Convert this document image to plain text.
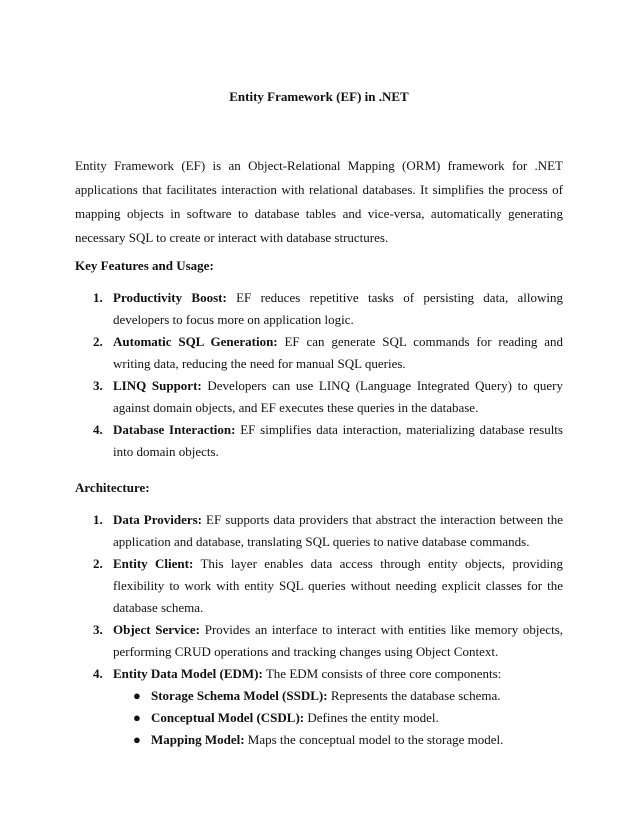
Entity Framework (EF) in .NET

Entity Framework (EF) is an Object-Relational Mapping (ORM) framework for .NET applications that facilitates interaction with relational databases. It simplifies the process of mapping objects in software to database tables and vice-versa, automatically generating necessary SQL to create or interact with database structures.

Key Features and Usage:

1. Productivity Boost: EF reduces repetitive tasks of persisting data, allowing developers to focus more on application logic.
2. Automatic SQL Generation: EF can generate SQL commands for reading and writing data, reducing the need for manual SQL queries.
3. LINQ Support: Developers can use LINQ (Language Integrated Query) to query against domain objects, and EF executes these queries in the database.
4. Database Interaction: EF simplifies data interaction, materializing database results into domain objects.

Architecture:

1. Data Providers: EF supports data providers that abstract the interaction between the application and database, translating SQL queries to native database commands.
2. Entity Client: This layer enables data access through entity objects, providing flexibility to work with entity SQL queries without needing explicit classes for the database schema.
3. Object Service: Provides an interface to interact with entities like memory objects, performing CRUD operations and tracking changes using Object Context.
4. Entity Data Model (EDM): The EDM consists of three core components:
● Storage Schema Model (SSDL): Represents the database schema.
● Conceptual Model (CSDL): Defines the entity model.
● Mapping Model: Maps the conceptual model to the storage model.
